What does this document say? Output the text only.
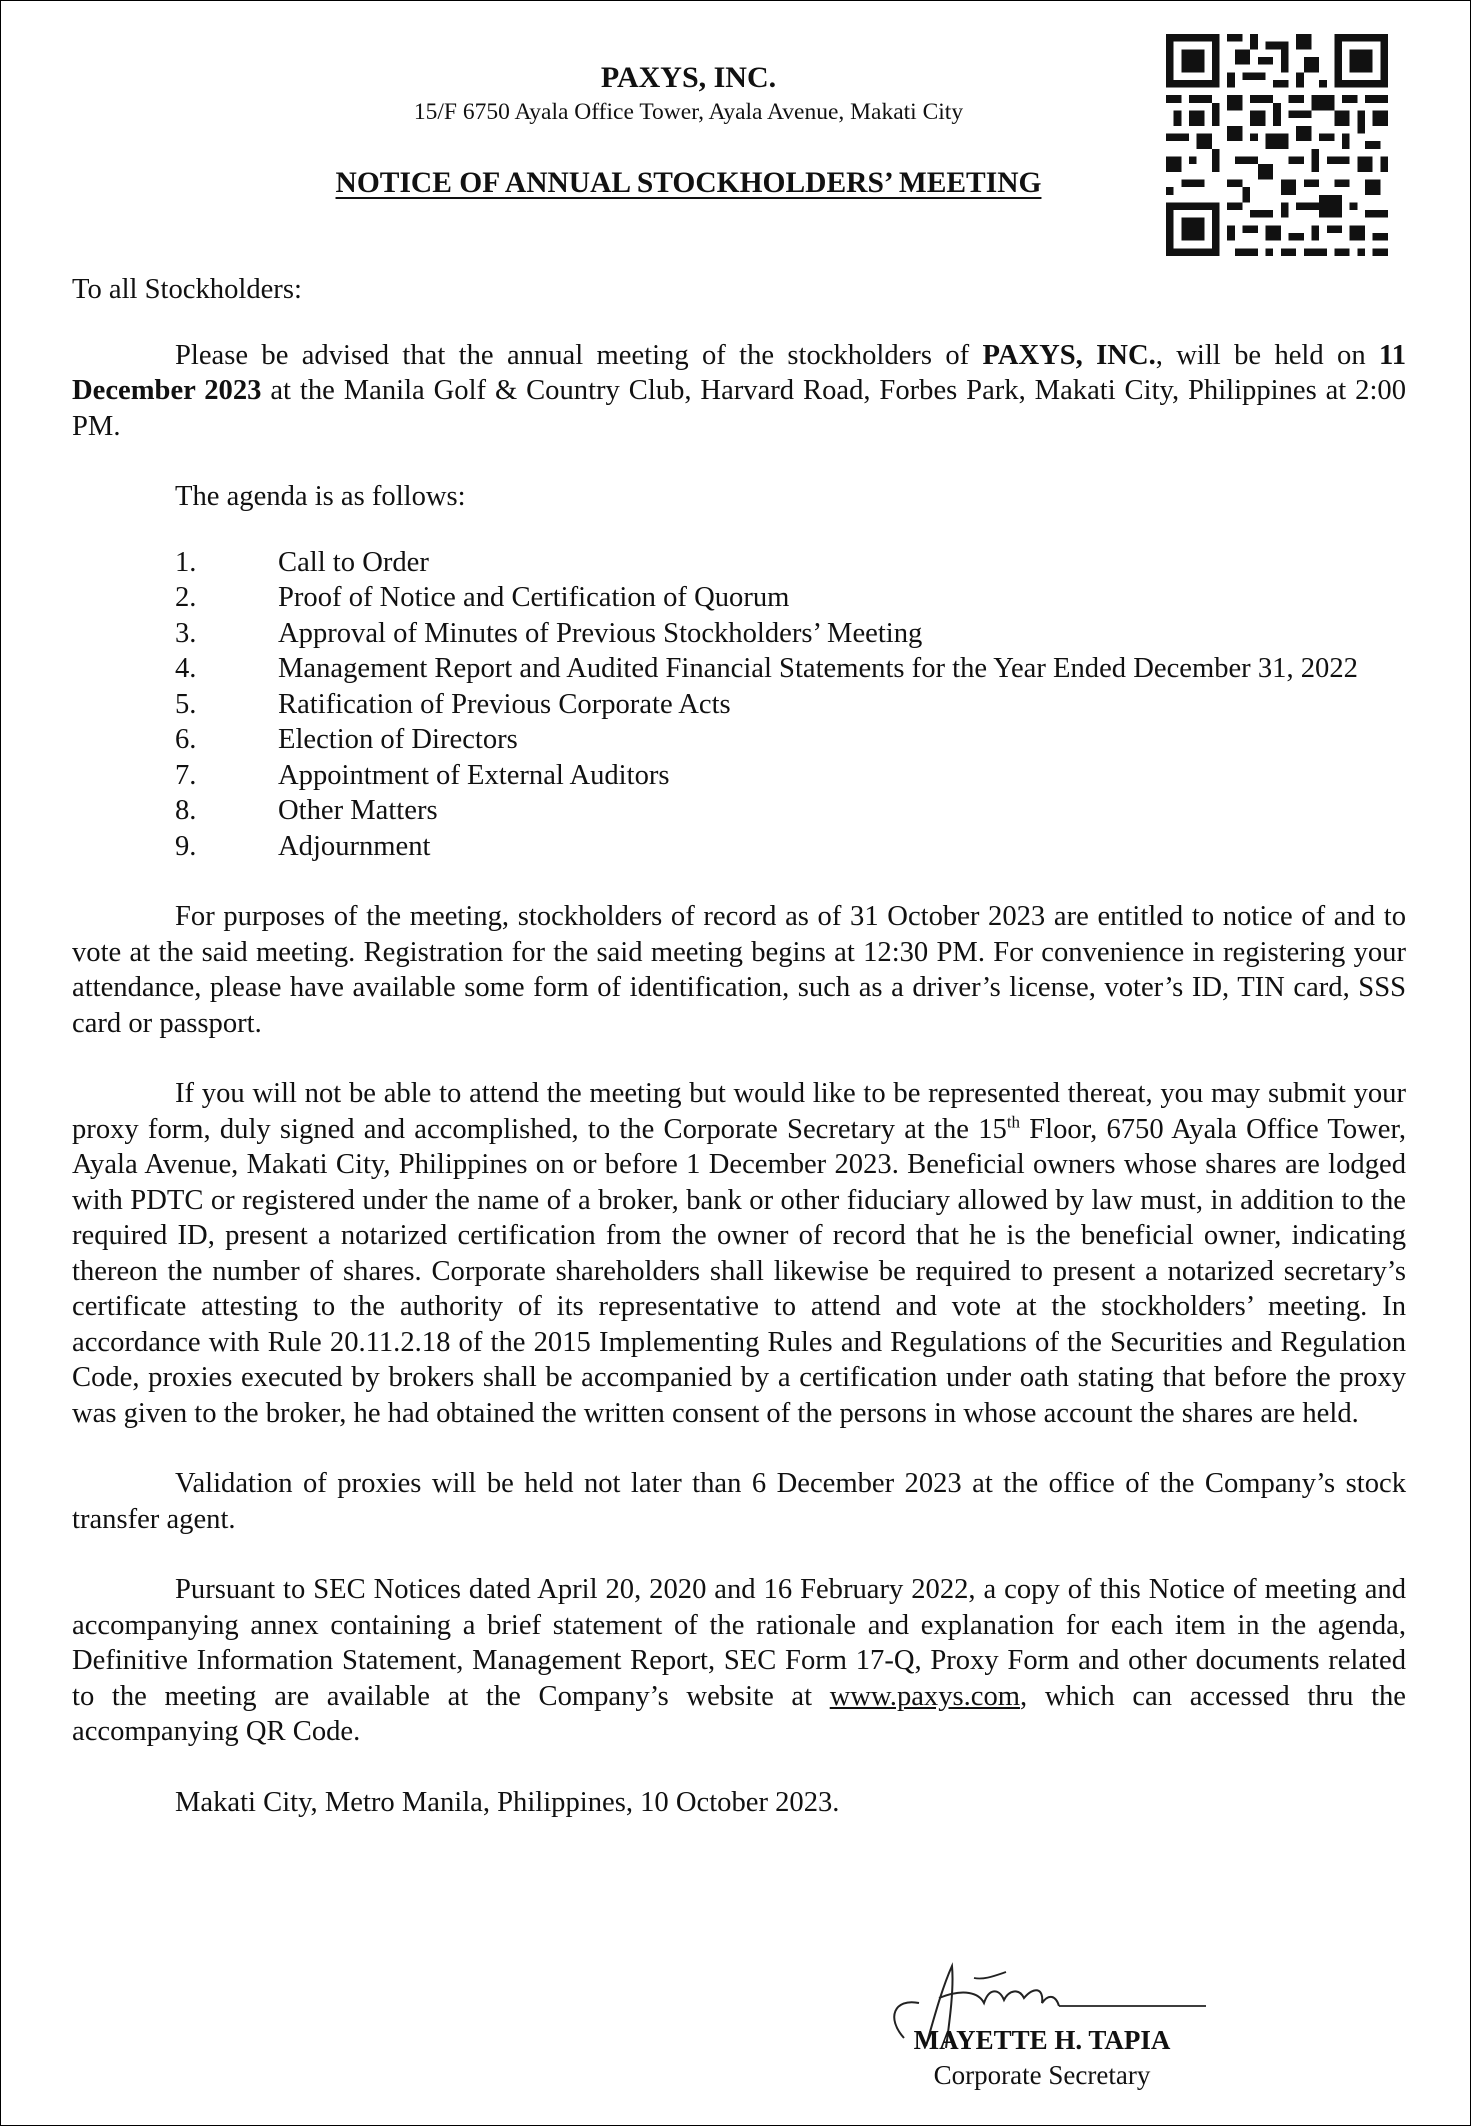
PAXYS, INC.

15/F 6750 Ayala Office Tower, Ayala Avenue, Makati City

NOTICE OF ANNUAL STOCKHOLDERS’ MEETING

To all Stockholders:

Please be advised that the annual meeting of the stockholders of PAXYS, INC., will be held on 11 December 2023 at the Manila Golf & Country Club, Harvard Road, Forbes Park, Makati City, Philippines at 2:00 PM.

The agenda is as follows:

1.	Call to Order
2.	Proof of Notice and Certification of Quorum
3.	Approval of Minutes of Previous Stockholders’ Meeting
4.	Management Report and Audited Financial Statements for the Year Ended December 31, 2022
5.	Ratification of Previous Corporate Acts
6.	Election of Directors
7.	Appointment of External Auditors
8.	Other Matters
9.	Adjournment

For purposes of the meeting, stockholders of record as of 31 October 2023 are entitled to notice of and to vote at the said meeting. Registration for the said meeting begins at 12:30 PM. For convenience in registering your attendance, please have available some form of identification, such as a driver’s license, voter’s ID, TIN card, SSS card or passport.

If you will not be able to attend the meeting but would like to be represented thereat, you may submit your proxy form, duly signed and accomplished, to the Corporate Secretary at the 15th Floor, 6750 Ayala Office Tower, Ayala Avenue, Makati City, Philippines on or before 1 December 2023. Beneficial owners whose shares are lodged with PDTC or registered under the name of a broker, bank or other fiduciary allowed by law must, in addition to the required ID, present a notarized certification from the owner of record that he is the beneficial owner, indicating thereon the number of shares. Corporate shareholders shall likewise be required to present a notarized secretary’s certificate attesting to the authority of its representative to attend and vote at the stockholders’ meeting. In accordance with Rule 20.11.2.18 of the 2015 Implementing Rules and Regulations of the Securities and Regulation Code, proxies executed by brokers shall be accompanied by a certification under oath stating that before the proxy was given to the broker, he had obtained the written consent of the persons in whose account the shares are held.

Validation of proxies will be held not later than 6 December 2023 at the office of the Company’s stock transfer agent.

Pursuant to SEC Notices dated April 20, 2020 and 16 February 2022, a copy of this Notice of meeting and accompanying annex containing a brief statement of the rationale and explanation for each item in the agenda, Definitive Information Statement, Management Report, SEC Form 17-Q, Proxy Form and other documents related to the meeting are available at the Company’s website at www.paxys.com, which can accessed thru the accompanying QR Code.

Makati City, Metro Manila, Philippines, 10 October 2023.

MAYETTE H. TAPIA
Corporate Secretary
